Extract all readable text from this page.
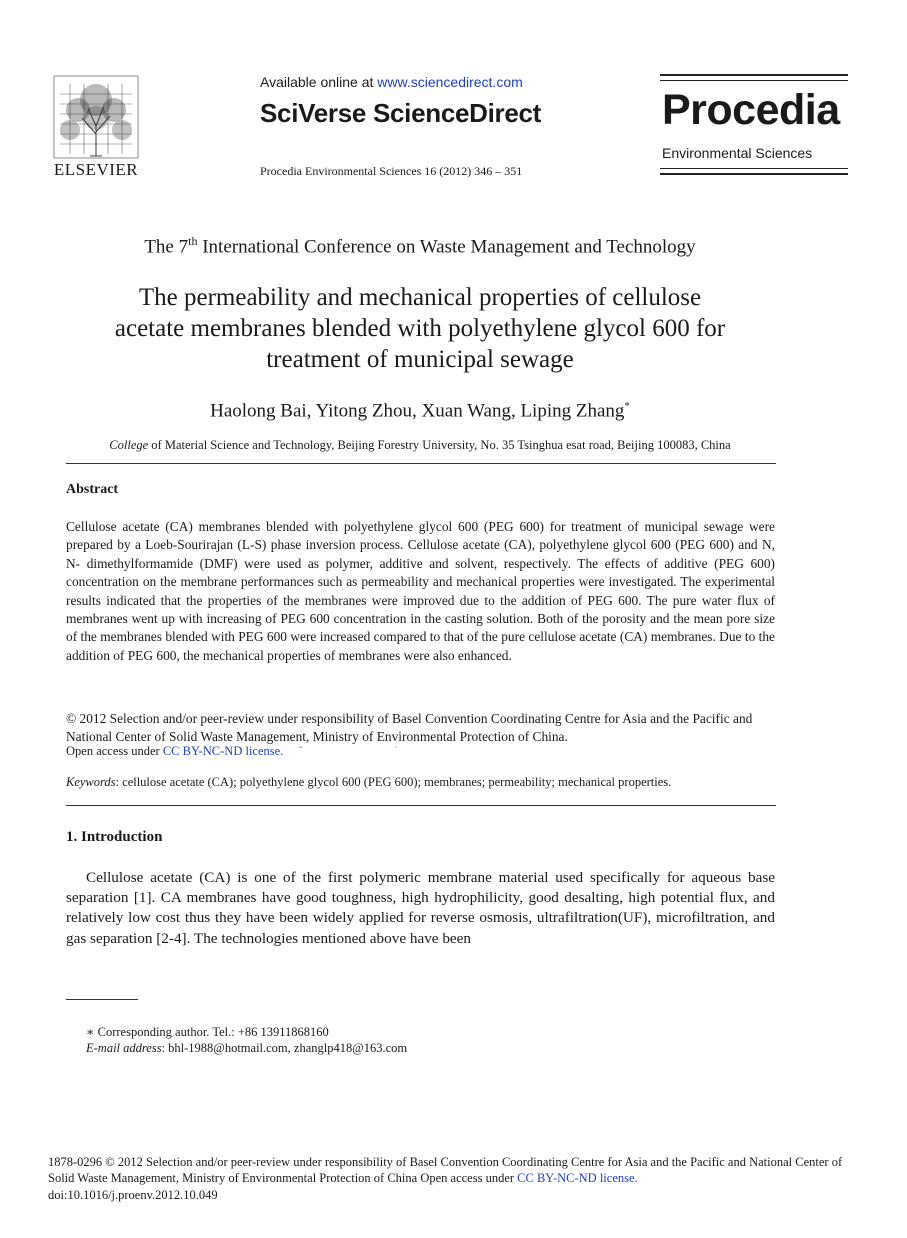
ELSEVIER
Available online at www.sciencedirect.com
SciVerse ScienceDirect
Procedia Environmental Sciences 16 (2012) 346 – 351
Procedia
Environmental Sciences
The 7th International Conference on Waste Management and Technology
The permeability and mechanical properties of cellulose
acetate membranes blended with polyethylene glycol 600 for
treatment of municipal sewage
Haolong Bai, Yitong Zhou, Xuan Wang, Liping Zhang*
College of Material Science and Technology, Beijing Forestry University, No. 35 Tsinghua esat road, Beijing 100083, China
Abstract
Cellulose acetate (CA) membranes blended with polyethylene glycol 600 (PEG 600) for treatment of municipal sewage were prepared by a Loeb-Sourirajan (L-S) phase inversion process. Cellulose acetate (CA), polyethylene glycol 600 (PEG 600) and N, N- dimethylformamide (DMF) were used as polymer, additive and solvent, respectively. The effects of additive (PEG 600) concentration on the membrane performances such as permeability and mechanical properties were investigated. The experimental results indicated that the properties of the membranes were improved due to the addition of PEG 600. The pure water flux of membranes went up with increasing of PEG 600 concentration in the casting solution. Both of the porosity and the mean pore size of the membranes blended with PEG 600 were increased compared to that of the pure cellulose acetate (CA) membranes. Due to the addition of PEG 600, the mechanical properties of membranes were also enhanced.
© 2012 Selection and/or peer-review under responsibility of Basel Convention Coordinating Centre for Asia and the Pacific and National Center of Solid Waste Management, Ministry of Environmental Protection of China.
Open access under CC BY-NC-ND license. ˜	ˈ
Keywords: cellulose acetate (CA); polyethylene glycol 600 (PEG 600); membranes; permeability; mechanical properties.
1. Introduction
Cellulose acetate (CA) is one of the first polymeric membrane material used specifically for aqueous base separation [1]. CA membranes have good toughness, high hydrophilicity, good desalting, high potential flux, and relatively low cost thus they have been widely applied for reverse osmosis, ultrafiltration(UF), microfiltration, and gas separation [2-4]. The technologies mentioned above have been
∗ Corresponding author. Tel.: +86 13911868160
E-mail address: bhl-1988@hotmail.com, zhanglp418@163.com
1878-0296 © 2012 Selection and/or peer-review under responsibility of Basel Convention Coordinating Centre for Asia and the Pacific and National Center of Solid Waste Management, Ministry of Environmental Protection of China Open access under CC BY-NC-ND license.
doi:10.1016/j.proenv.2012.10.049
